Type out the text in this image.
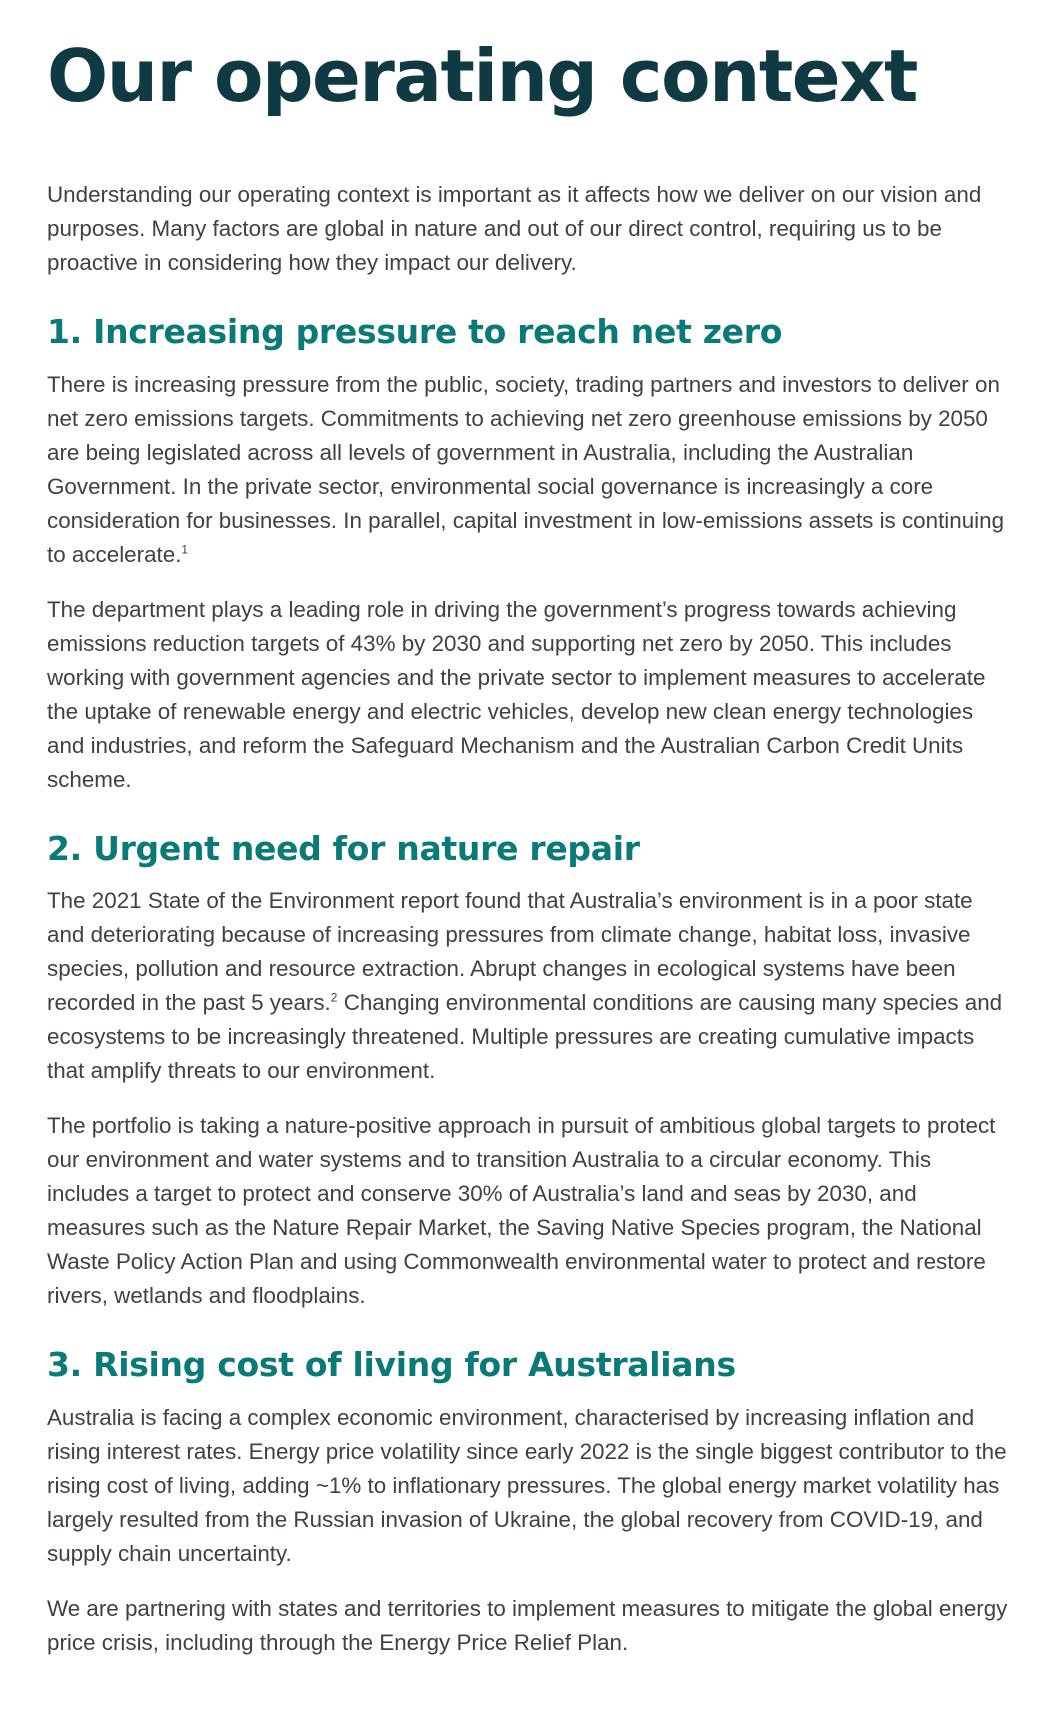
Our operating context

Understanding our operating context is important as it affects how we deliver on our vision and purposes. Many factors are global in nature and out of our direct control, requiring us to be proactive in considering how they impact our delivery.

1. Increasing pressure to reach net zero

There is increasing pressure from the public, society, trading partners and investors to deliver on net zero emissions targets. Commitments to achieving net zero greenhouse emissions by 2050 are being legislated across all levels of government in Australia, including the Australian Government. In the private sector, environmental social governance is increasingly a core consideration for businesses. In parallel, capital investment in low-emissions assets is continuing to accelerate.$^1$

The department plays a leading role in driving the government’s progress towards achieving emissions reduction targets of 43% by 2030 and supporting net zero by 2050. This includes working with government agencies and the private sector to implement measures to accelerate the uptake of renewable energy and electric vehicles, develop new clean energy technologies and industries, and reform the Safeguard Mechanism and the Australian Carbon Credit Units scheme.

2. Urgent need for nature repair

The 2021 State of the Environment report found that Australia’s environment is in a poor state and deteriorating because of increasing pressures from climate change, habitat loss, invasive species, pollution and resource extraction. Abrupt changes in ecological systems have been recorded in the past 5 years.$^2$ Changing environmental conditions are causing many species and ecosystems to be increasingly threatened. Multiple pressures are creating cumulative impacts that amplify threats to our environment.

The portfolio is taking a nature-positive approach in pursuit of ambitious global targets to protect our environment and water systems and to transition Australia to a circular economy. This includes a target to protect and conserve 30% of Australia’s land and seas by 2030, and measures such as the Nature Repair Market, the Saving Native Species program, the National Waste Policy Action Plan and using Commonwealth environmental water to protect and restore rivers, wetlands and floodplains.

3. Rising cost of living for Australians

Australia is facing a complex economic environment, characterised by increasing inflation and rising interest rates. Energy price volatility since early 2022 is the single biggest contributor to the rising cost of living, adding ~1% to inflationary pressures. The global energy market volatility has largely resulted from the Russian invasion of Ukraine, the global recovery from COVID-19, and supply chain uncertainty.

We are partnering with states and territories to implement measures to mitigate the global energy price crisis, including through the Energy Price Relief Plan.
